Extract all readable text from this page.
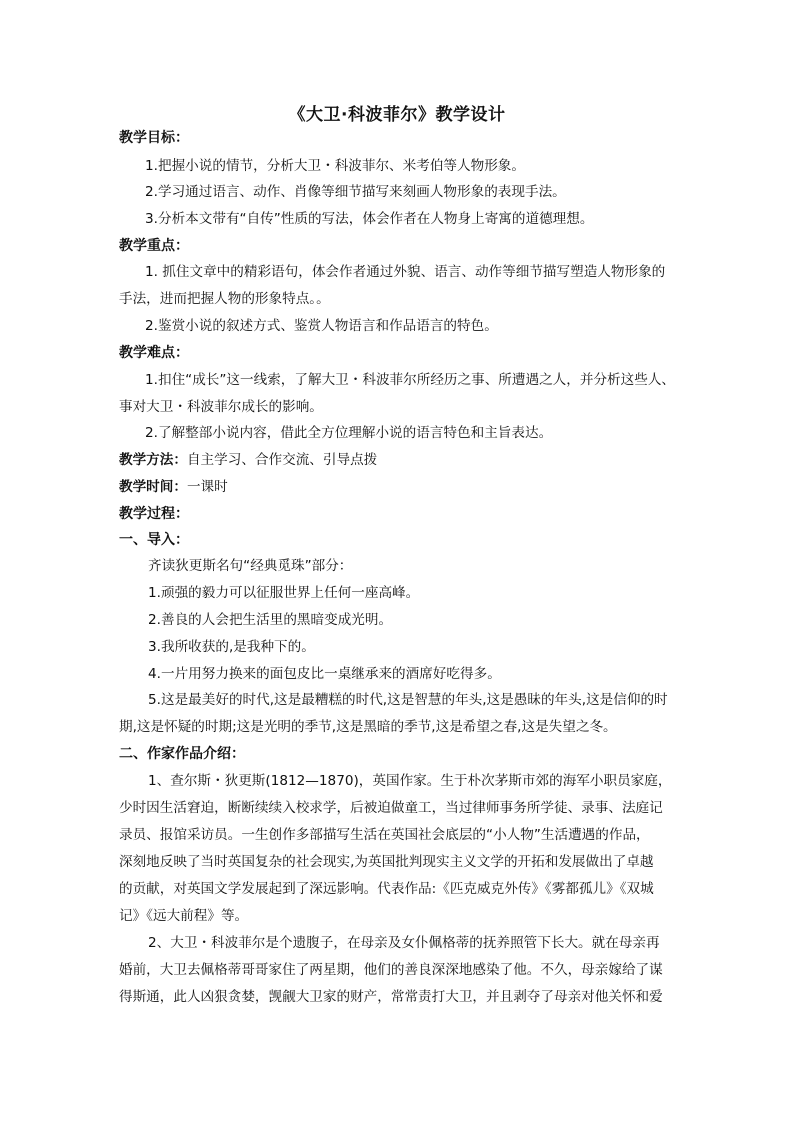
《大卫·科波菲尔》教学设计
教学目标：
1.把握小说的情节，分析大卫・科波菲尔、米考伯等人物形象。
2.学习通过语言、动作、肖像等细节描写来刻画人物形象的表现手法。
3.分析本文带有“自传”性质的写法，体会作者在人物身上寄寓的道德理想。
教学重点：
1. 抓住文章中的精彩语句，体会作者通过外貌、语言、动作等细节描写塑造人物形象的
手法，进而把握人物的形象特点。。
2.鉴赏小说的叙述方式、鉴赏人物语言和作品语言的特色。
教学难点：
1.扣住“成长”这一线索，了解大卫・科波菲尔所经历之事、所遭遇之人，并分析这些人、
事对大卫・科波菲尔成长的影响。
2.了解整部小说内容，借此全方位理解小说的语言特色和主旨表达。
教学方法：自主学习、合作交流、引导点拨
教学时间：一课时
教学过程：
一、导入：
齐读狄更斯名句“经典觅珠”部分：
1.顽强的毅力可以征服世界上任何一座高峰。
2.善良的人会把生活里的黑暗变成光明。
3.我所收获的,是我种下的。
4.一片用努力换来的面包皮比一桌继承来的酒席好吃得多。
5.这是最美好的时代,这是最糟糕的时代,这是智慧的年头,这是愚昧的年头,这是信仰的时
期,这是怀疑的时期;这是光明的季节,这是黑暗的季节,这是希望之春,这是失望之冬。
二、作家作品介绍：
1、查尔斯・狄更斯(1812—1870)，英国作家。生于朴次茅斯市郊的海军小职员家庭，
少时因生活窘迫，断断续续入校求学，后被迫做童工，当过律师事务所学徒、录事、法庭记
录员、报馆采访员。一生创作多部描写生活在英国社会底层的“小人物”生活遭遇的作品，
深刻地反映了当时英国复杂的社会现实,为英国批判现实主义文学的开拓和发展做出了卓越
的贡献，对英国文学发展起到了深远影响。代表作品:《匹克威克外传》《雾都孤儿》《双城
记》《远大前程》等。
2、大卫・科波菲尔是个遗腹子，在母亲及女仆佩格蒂的抚养照管下长大。就在母亲再
婚前，大卫去佩格蒂哥哥家住了两星期，他们的善良深深地感染了他。不久，母亲嫁给了谋
得斯通，此人凶狠贪婪，觊觎大卫家的财产，常常责打大卫，并且剥夺了母亲对他关怀和爱
